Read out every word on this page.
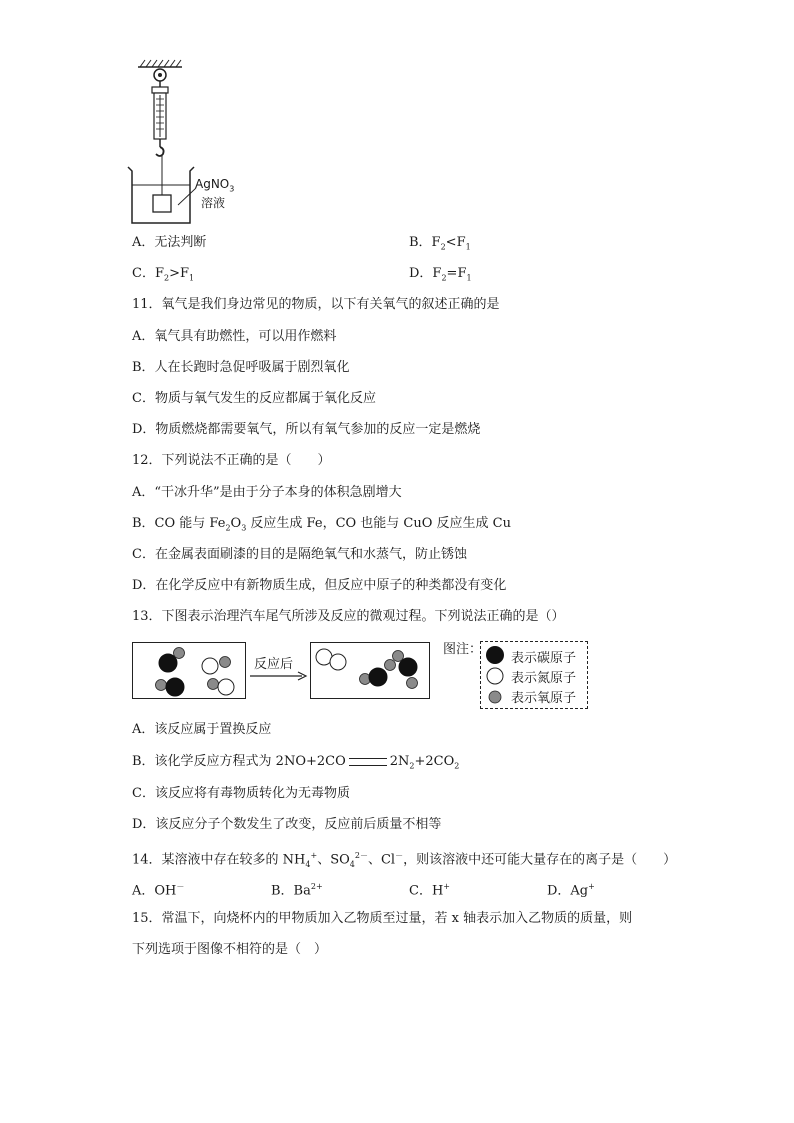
AgNO$_3$
溶液
A．无法判断	B．$F_2<F_1$
C．$F_2>F_1$	D．$F_2=F_1$
11．氧气是我们身边常见的物质，以下有关氧气的叙述正确的是
A．氧气具有助燃性，可以用作燃料
B．人在长跑时急促呼吸属于剧烈氧化
C．物质与氧气发生的反应都属于氧化反应
D．物质燃烧都需要氧气，所以有氧气参加的反应一定是燃烧
12．下列说法不正确的是（　　）
A．“干冰升华”是由于分子本身的体积急剧增大
B．CO 能与 $Fe_2O_3$ 反应生成 Fe，CO 也能与 CuO 反应生成 Cu
C．在金属表面刷漆的目的是隔绝氧气和水蒸气，防止锈蚀
D．在化学反应中有新物质生成，但反应中原子的种类都没有变化
13．下图表示治理汽车尾气所涉及反应的微观过程。下列说法正确的是（）
反应后
图注：
表示碳原子
表示氮原子
表示氧原子
A．该反应属于置换反应
B．该化学反应方程式为 2NO+2CO	$2N_2+2CO_2$
C．该反应将有毒物质转化为无毒物质
D．该反应分子个数发生了改变，反应前后质量不相等
14．某溶液中存在较多的 $NH_4^+$、$SO_4^{2-}$、Cl－，则该溶液中还可能大量存在的离子是（　　）
A．OH－	B．$Ba^{2+}$	C．H+	D．Ag+
15．常温下，向烧杯内的甲物质加入乙物质至过量，若 x 轴表示加入乙物质的质量，则
下列选项于图像不相符的是（　）
